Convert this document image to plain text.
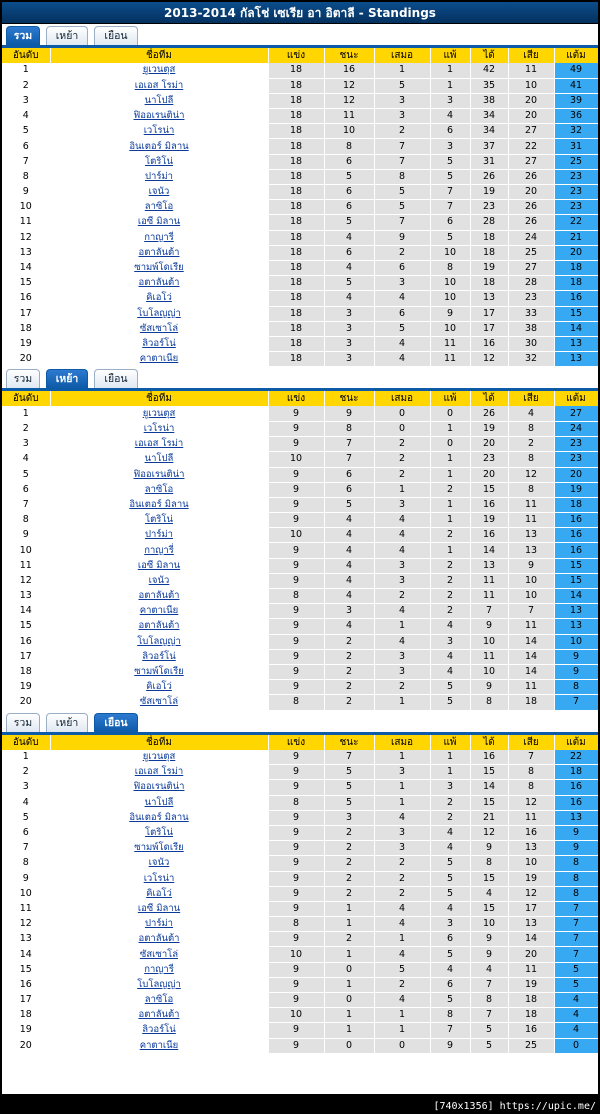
2013-2014 กัลโช่ เซเรีย อา อิตาลี - Standings
รวม	เหย้า	เยือน
อันดับ	ชื่อทีม	แข่ง	ชนะ	เสมอ	แพ้	ได้	เสีย	แต้ม
1	ยูเวนตุส	18	16	1	1	42	11	49
2	เอเอส โรม่า	18	12	5	1	35	10	41
3	นาโปลี	18	12	3	3	38	20	39
4	ฟิออเรนติน่า	18	11	3	4	34	20	36
5	เวโรน่า	18	10	2	6	34	27	32
6	อินเตอร์ มิลาน	18	8	7	3	37	22	31
7	โตริโน่	18	6	7	5	31	27	25
8	ปาร์ม่า	18	5	8	5	26	26	23
9	เจนัว	18	6	5	7	19	20	23
10	ลาซิโอ	18	6	5	7	23	26	23
11	เอซี มิลาน	18	5	7	6	28	26	22
12	กาญารี่	18	4	9	5	18	24	21
13	อตาลันต้า	18	6	2	10	18	25	20
14	ซามพ์โดเรีย	18	4	6	8	19	27	18
15	อตาลันต้า	18	5	3	10	18	28	18
16	คิเอโว่	18	4	4	10	13	23	16
17	โบโลญญ่า	18	3	6	9	17	33	15
18	ซัสเซาโล่	18	3	5	10	17	38	14
19	ลิวอร์โน่	18	3	4	11	16	30	13
20	คาตาเนีย	18	3	4	11	12	32	13
รวม	เหย้า	เยือน
อันดับ	ชื่อทีม	แข่ง	ชนะ	เสมอ	แพ้	ได้	เสีย	แต้ม
1	ยูเวนตุส	9	9	0	0	26	4	27
2	เวโรน่า	9	8	0	1	19	8	24
3	เอเอส โรม่า	9	7	2	0	20	2	23
4	นาโปลี	10	7	2	1	23	8	23
5	ฟิออเรนติน่า	9	6	2	1	20	12	20
6	ลาซิโอ	9	6	1	2	15	8	19
7	อินเตอร์ มิลาน	9	5	3	1	16	11	18
8	โตริโน่	9	4	4	1	19	11	16
9	ปาร์ม่า	10	4	4	2	16	13	16
10	กาญารี่	9	4	4	1	14	13	16
11	เอซี มิลาน	9	4	3	2	13	9	15
12	เจนัว	9	4	3	2	11	10	15
13	อตาลันต้า	8	4	2	2	11	10	14
14	คาตาเนีย	9	3	4	2	7	7	13
15	อตาลันต้า	9	4	1	4	9	11	13
16	โบโลญญ่า	9	2	4	3	10	14	10
17	ลิวอร์โน่	9	2	3	4	11	14	9
18	ซามพ์โดเรีย	9	2	3	4	10	14	9
19	คิเอโว่	9	2	2	5	9	11	8
20	ซัสเซาโล่	8	2	1	5	8	18	7
รวม	เหย้า	เยือน
อันดับ	ชื่อทีม	แข่ง	ชนะ	เสมอ	แพ้	ได้	เสีย	แต้ม
1	ยูเวนตุส	9	7	1	1	16	7	22
2	เอเอส โรม่า	9	5	3	1	15	8	18
3	ฟิออเรนติน่า	9	5	1	3	14	8	16
4	นาโปลี	8	5	1	2	15	12	16
5	อินเตอร์ มิลาน	9	3	4	2	21	11	13
6	โตริโน่	9	2	3	4	12	16	9
7	ซามพ์โดเรีย	9	2	3	4	9	13	9
8	เจนัว	9	2	2	5	8	10	8
9	เวโรน่า	9	2	2	5	15	19	8
10	คิเอโว่	9	2	2	5	4	12	8
11	เอซี มิลาน	9	1	4	4	15	17	7
12	ปาร์ม่า	8	1	4	3	10	13	7
13	อตาลันต้า	9	2	1	6	9	14	7
14	ซัสเซาโล่	10	1	4	5	9	20	7
15	กาญารี่	9	0	5	4	4	11	5
16	โบโลญญ่า	9	1	2	6	7	19	5
17	ลาซิโอ	9	0	4	5	8	18	4
18	อตาลันต้า	10	1	1	8	7	18	4
19	ลิวอร์โน่	9	1	1	7	5	16	4
20	คาตาเนีย	9	0	0	9	5	25	0
[740x1356] https://upic.me/
